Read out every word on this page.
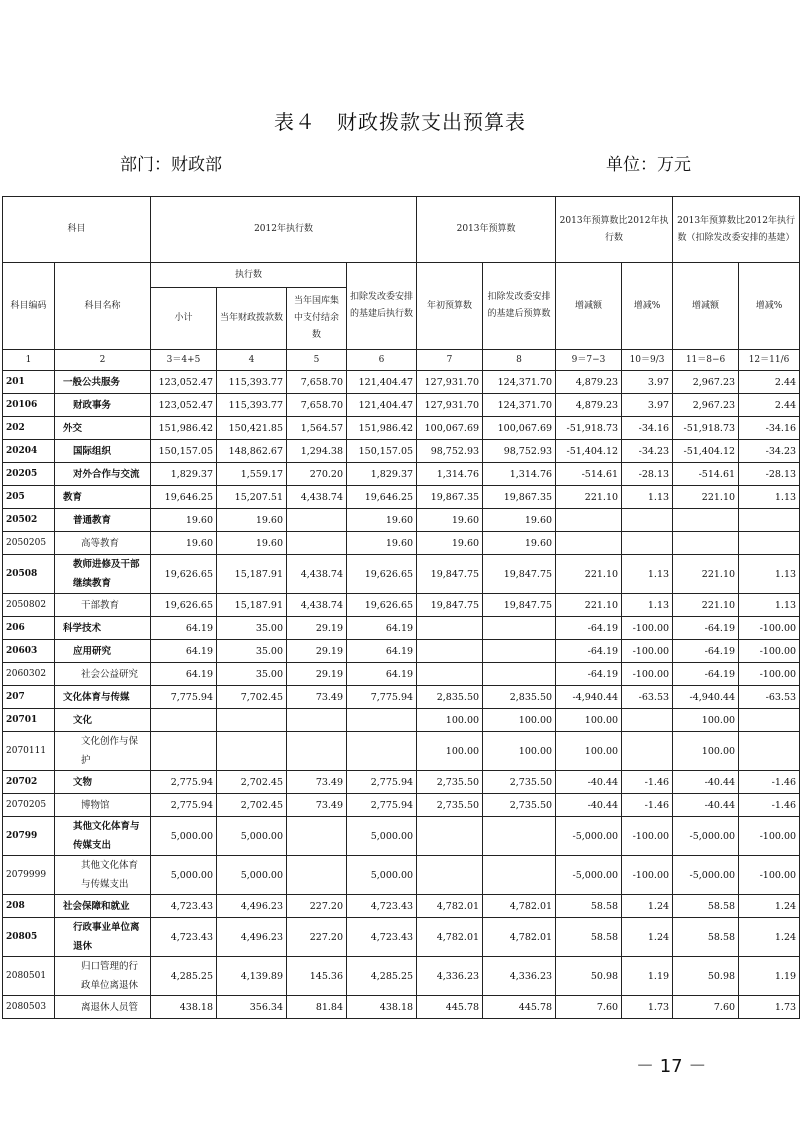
表４　财政拨款支出预算表
部门：财政部	单位：万元
科目		2012年执行数				2013年预算数		2013年预算数比2012年执行数		2013年预算数比2012年执行数（扣除发改委安排的基建）	
科目编码	科目名称	执行数			扣除发改委安排的基建后执行数	年初预算数	扣除发改委安排的基建后预算数	增减额	增减%	增减额	增减%
		小计	当年财政拨款数	当年国库集中支付结余数							
1	2	3＝4+5	4	5	6	7	8	9＝7−3	10＝9/3	11＝8−6	12＝11/6
201	一般公共服务	123,052.47	115,393.77	7,658.70	121,404.47	127,931.70	124,371.70	4,879.23	3.97	2,967.23	2.44
20106	财政事务	123,052.47	115,393.77	7,658.70	121,404.47	127,931.70	124,371.70	4,879.23	3.97	2,967.23	2.44
202	外交	151,986.42	150,421.85	1,564.57	151,986.42	100,067.69	100,067.69	-51,918.73	-34.16	-51,918.73	-34.16
20204	国际组织	150,157.05	148,862.67	1,294.38	150,157.05	98,752.93	98,752.93	-51,404.12	-34.23	-51,404.12	-34.23
20205	对外合作与交流	1,829.37	1,559.17	270.20	1,829.37	1,314.76	1,314.76	-514.61	-28.13	-514.61	-28.13
205	教育	19,646.25	15,207.51	4,438.74	19,646.25	19,867.35	19,867.35	221.10	1.13	221.10	1.13
20502	普通教育	19.60	19.60		19.60	19.60	19.60				
2050205	高等教育	19.60	19.60		19.60	19.60	19.60				
20508	教师进修及干部继续教育	19,626.65	15,187.91	4,438.74	19,626.65	19,847.75	19,847.75	221.10	1.13	221.10	1.13
2050802	干部教育	19,626.65	15,187.91	4,438.74	19,626.65	19,847.75	19,847.75	221.10	1.13	221.10	1.13
206	科学技术	64.19	35.00	29.19	64.19			-64.19	-100.00	-64.19	-100.00
20603	应用研究	64.19	35.00	29.19	64.19			-64.19	-100.00	-64.19	-100.00
2060302	社会公益研究	64.19	35.00	29.19	64.19			-64.19	-100.00	-64.19	-100.00
207	文化体育与传媒	7,775.94	7,702.45	73.49	7,775.94	2,835.50	2,835.50	-4,940.44	-63.53	-4,940.44	-63.53
20701	文化					100.00	100.00	100.00		100.00	
2070111	文化创作与保护					100.00	100.00	100.00		100.00	
20702	文物	2,775.94	2,702.45	73.49	2,775.94	2,735.50	2,735.50	-40.44	-1.46	-40.44	-1.46
2070205	博物馆	2,775.94	2,702.45	73.49	2,775.94	2,735.50	2,735.50	-40.44	-1.46	-40.44	-1.46
20799	其他文化体育与传媒支出	5,000.00	5,000.00		5,000.00			-5,000.00	-100.00	-5,000.00	-100.00
2079999	其他文化体育与传媒支出	5,000.00	5,000.00		5,000.00			-5,000.00	-100.00	-5,000.00	-100.00
208	社会保障和就业	4,723.43	4,496.23	227.20	4,723.43	4,782.01	4,782.01	58.58	1.24	58.58	1.24
20805	行政事业单位离退休	4,723.43	4,496.23	227.20	4,723.43	4,782.01	4,782.01	58.58	1.24	58.58	1.24
2080501	归口管理的行政单位离退休	4,285.25	4,139.89	145.36	4,285.25	4,336.23	4,336.23	50.98	1.19	50.98	1.19
2080503	离退休人员管	438.18	356.34	81.84	438.18	445.78	445.78	7.60	1.73	7.60	1.73
－ 17 －
